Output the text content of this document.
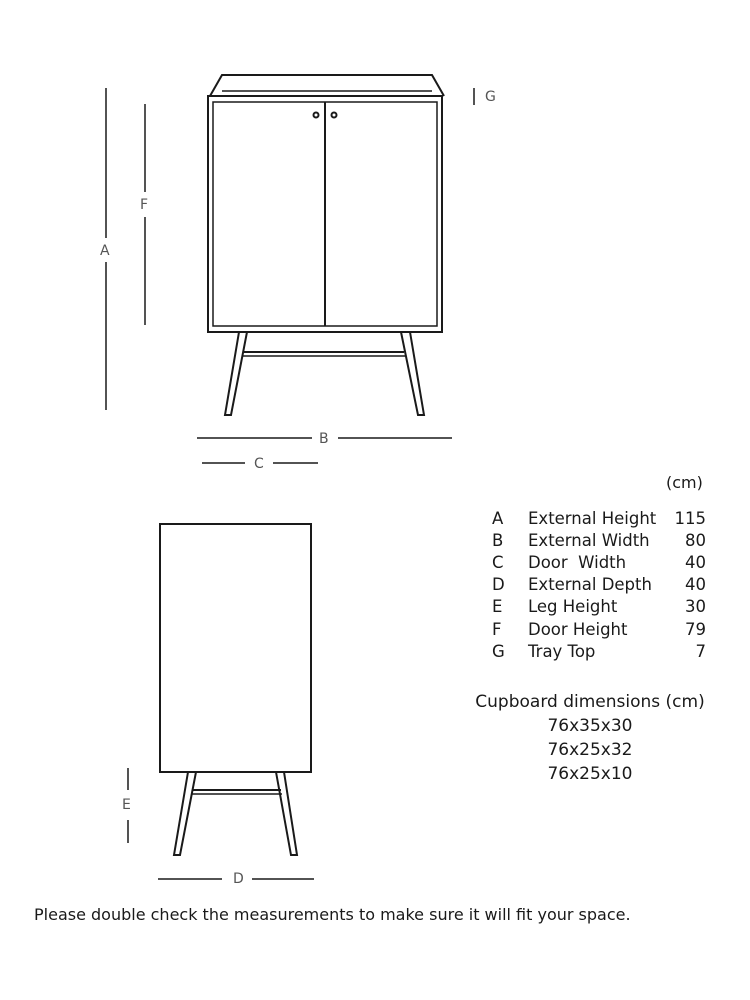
A
F
G
B
C
E
D
(cm)
A	External Height	115
B	External Width	80
C	Door  Width	40
D	External Depth	40
E	Leg Height	30
F	Door Height	79
G	Tray Top	7
Cupboard dimensions (cm)
76x35x30
76x25x32
76x25x10
Please double check the measurements to make sure it will fit your space.
